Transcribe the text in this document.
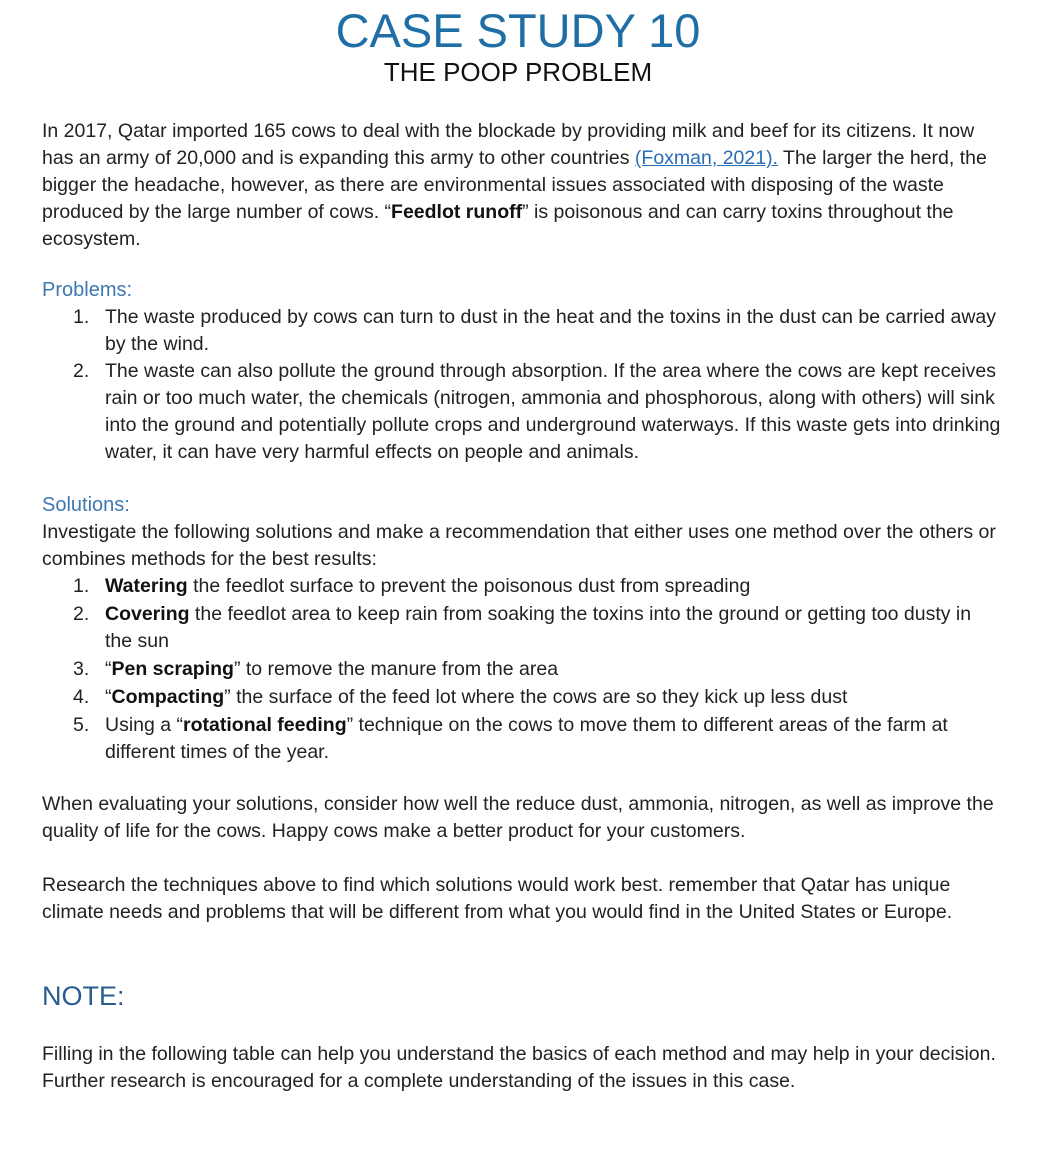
CASE STUDY 10
THE POOP PROBLEM
In 2017, Qatar imported 165 cows to deal with the blockade by providing milk and beef for its citizens. It now has an army of 20,000 and is expanding this army to other countries (Foxman, 2021). The larger the herd, the bigger the headache, however, as there are environmental issues associated with disposing of the waste produced by the large number of cows. “Feedlot runoff” is poisonous and can carry toxins throughout the ecosystem.
Problems:
1. The waste produced by cows can turn to dust in the heat and the toxins in the dust can be carried away by the wind.
2. The waste can also pollute the ground through absorption. If the area where the cows are kept receives rain or too much water, the chemicals (nitrogen, ammonia and phosphorous, along with others) will sink into the ground and potentially pollute crops and underground waterways. If this waste gets into drinking water, it can have very harmful effects on people and animals.
Solutions:
Investigate the following solutions and make a recommendation that either uses one method over the others or combines methods for the best results:
1. Watering the feedlot surface to prevent the poisonous dust from spreading
2. Covering the feedlot area to keep rain from soaking the toxins into the ground or getting too dusty in the sun
3. “Pen scraping” to remove the manure from the area
4. “Compacting” the surface of the feed lot where the cows are so they kick up less dust
5. Using a “rotational feeding” technique on the cows to move them to different areas of the farm at different times of the year.
When evaluating your solutions, consider how well the reduce dust, ammonia, nitrogen, as well as improve the quality of life for the cows. Happy cows make a better product for your customers.
Research the techniques above to find which solutions would work best. remember that Qatar has unique climate needs and problems that will be different from what you would find in the United States or Europe.
NOTE:
Filling in the following table can help you understand the basics of each method and may help in your decision. Further research is encouraged for a complete understanding of the issues in this case.
